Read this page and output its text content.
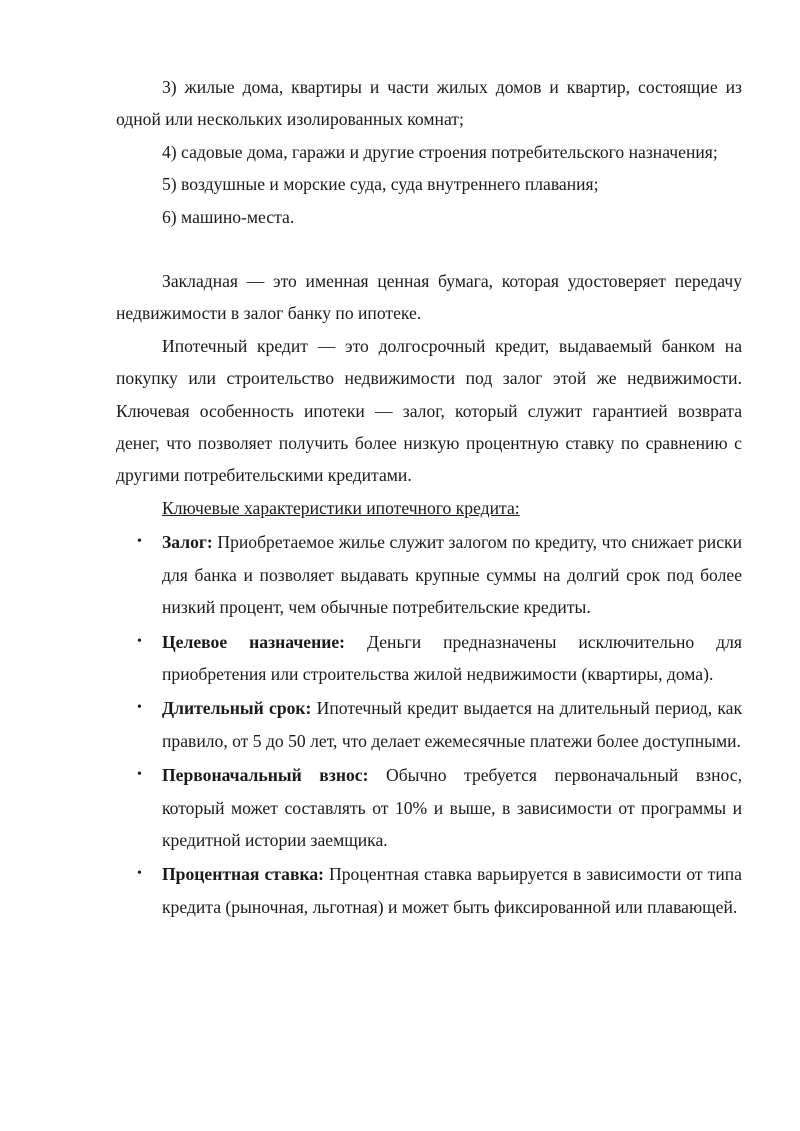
3) жилые дома, квартиры и части жилых домов и квартир, состоящие из одной или нескольких изолированных комнат;

4) садовые дома, гаражи и другие строения потребительского назначения;

5) воздушные и морские суда, суда внутреннего плавания;

6) машино-места.

Закладная — это именная ценная бумага, которая удостоверяет передачу недвижимости в залог банку по ипотеке.

Ипотечный кредит — это долгосрочный кредит, выдаваемый банком на покупку или строительство недвижимости под залог этой же недвижимости. Ключевая особенность ипотеки — залог, который служит гарантией возврата денег, что позволяет получить более низкую процентную ставку по сравнению с другими потребительскими кредитами.

Ключевые характеристики ипотечного кредита:
• Залог: Приобретаемое жилье служит залогом по кредиту, что снижает риски для банка и позволяет выдавать крупные суммы на долгий срок под более низкий процент, чем обычные потребительские кредиты.
• Целевое назначение: Деньги предназначены исключительно для приобретения или строительства жилой недвижимости (квартиры, дома).
• Длительный срок: Ипотечный кредит выдается на длительный период, как правило, от 5 до 50 лет, что делает ежемесячные платежи более доступными.
• Первоначальный взнос: Обычно требуется первоначальный взнос, который может составлять от 10% и выше, в зависимости от программы и кредитной истории заемщика.
• Процентная ставка: Процентная ставка варьируется в зависимости от типа кредита (рыночная, льготная) и может быть фиксированной или плавающей.
